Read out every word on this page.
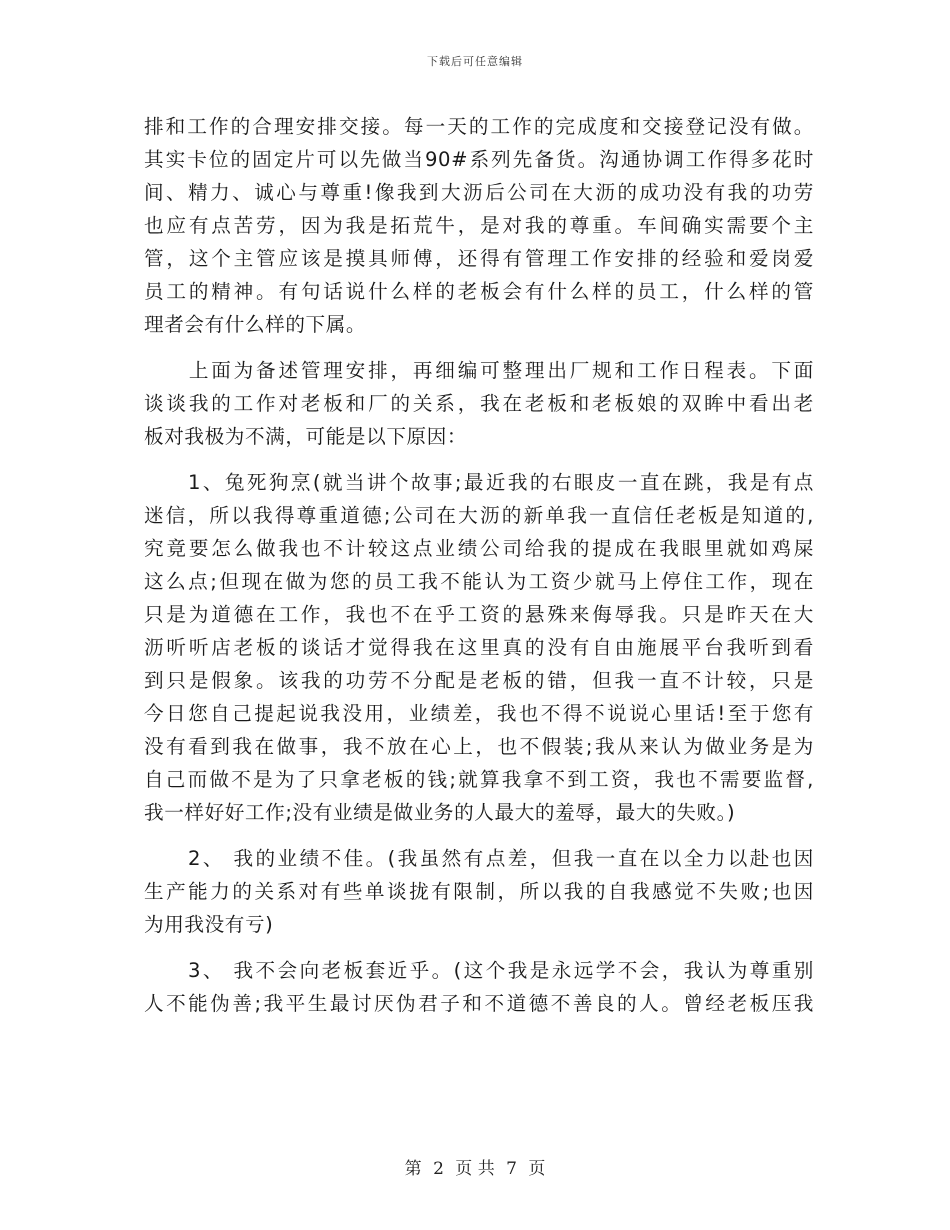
下载后可任意编辑
排和工作的合理安排交接。每一天的工作的完成度和交接登记没有做。
其实卡位的固定片可以先做当90#系列先备货。沟通协调工作得多花时
间、精力、诚心与尊重!像我到大沥后公司在大沥的成功没有我的功劳
也应有点苦劳，因为我是拓荒牛，是对我的尊重。车间确实需要个主
管，这个主管应该是摸具师傅，还得有管理工作安排的经验和爱岗爱
员工的精神。有句话说什么样的老板会有什么样的员工，什么样的管
理者会有什么样的下属。
　　上面为备述管理安排，再细编可整理出厂规和工作日程表。下面
谈谈我的工作对老板和厂的关系，我在老板和老板娘的双眸中看出老
板对我极为不满，可能是以下原因：
　　1、兔死狗烹(就当讲个故事;最近我的右眼皮一直在跳，我是有点
迷信，所以我得尊重道德;公司在大沥的新单我一直信任老板是知道的,
究竟要怎么做我也不计较这点业绩公司给我的提成在我眼里就如鸡屎
这么点;但现在做为您的员工我不能认为工资少就马上停住工作，现在
只是为道德在工作，我也不在乎工资的悬殊来侮辱我。只是昨天在大
沥听听店老板的谈话才觉得我在这里真的没有自由施展平台我听到看
到只是假象。该我的功劳不分配是老板的错，但我一直不计较，只是
今日您自己提起说我没用，业绩差，我也不得不说说心里话!至于您有
没有看到我在做事，我不放在心上，也不假装;我从来认为做业务是为
自己而做不是为了只拿老板的钱;就算我拿不到工资，我也不需要监督,
我一样好好工作;没有业绩是做业务的人最大的羞辱，最大的失败。)
　　2、 我的业绩不佳。(我虽然有点差，但我一直在以全力以赴也因
生产能力的关系对有些单谈拢有限制，所以我的自我感觉不失败;也因
为用我没有亏)
　　3、 我不会向老板套近乎。(这个我是永远学不会，我认为尊重别
人不能伪善;我平生最讨厌伪君子和不道德不善良的人。曾经老板压我
第 2 页 共 7 页
